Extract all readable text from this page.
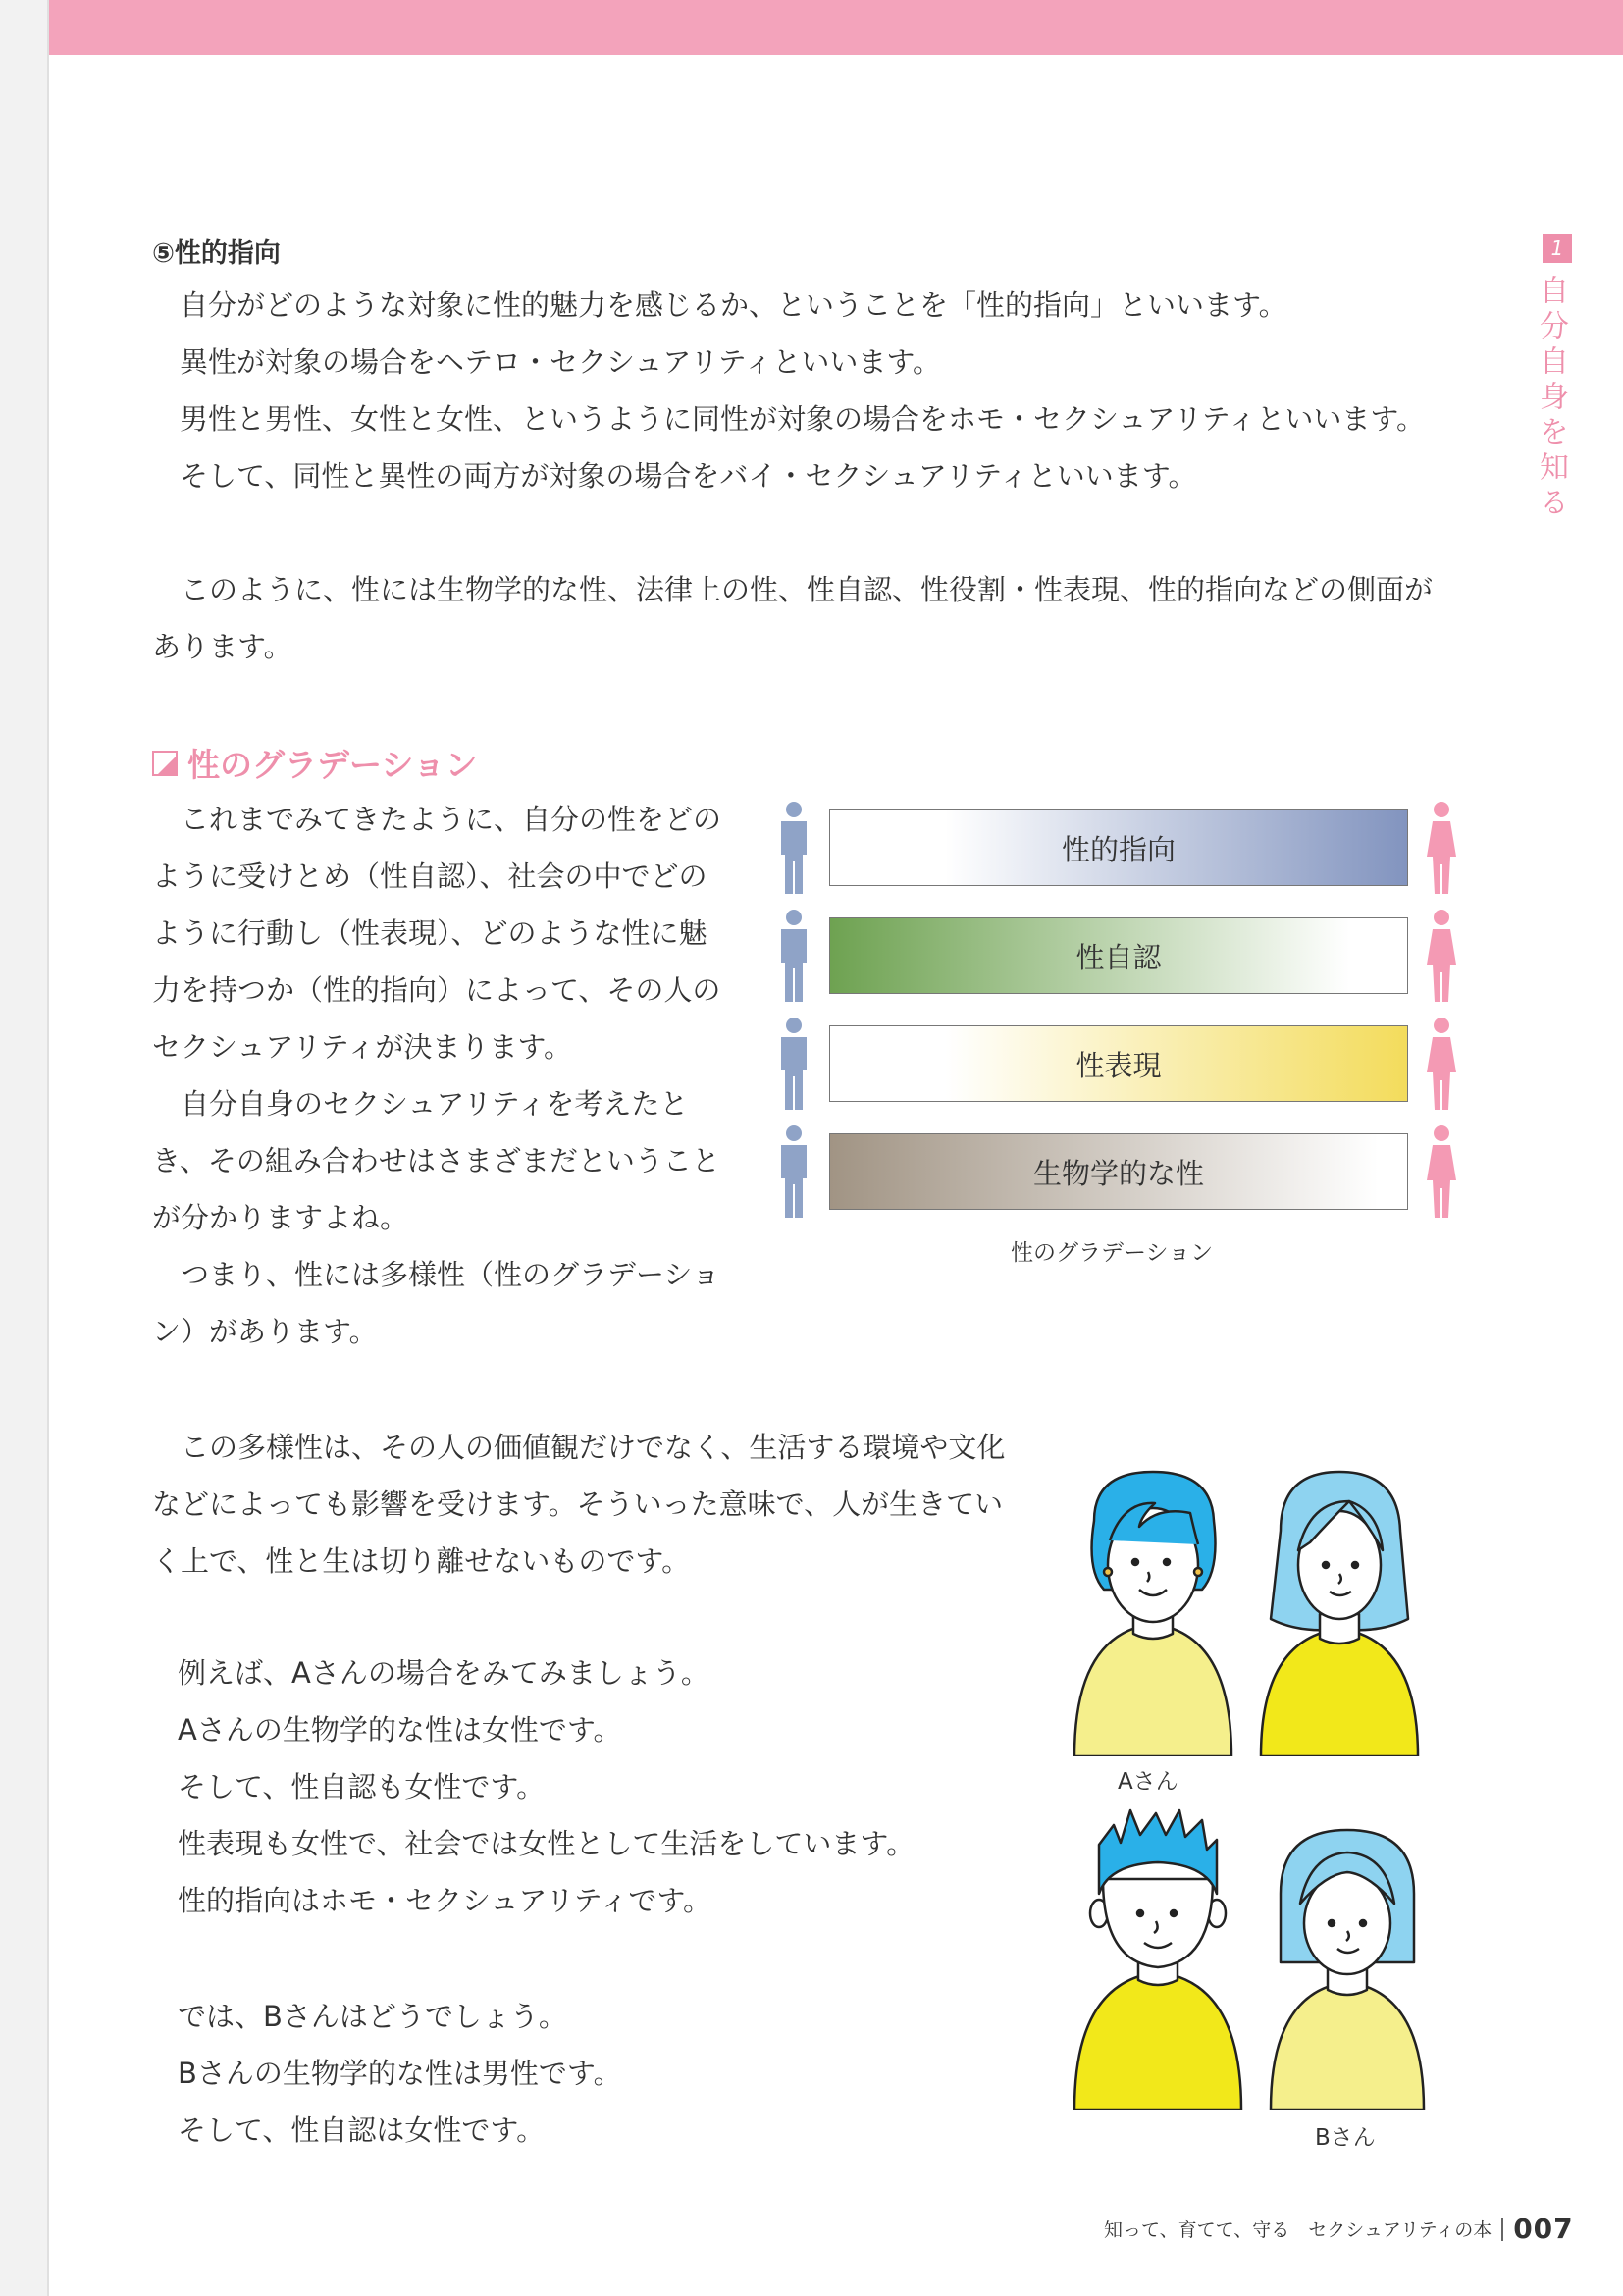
1
自分自身を知る
⑤性的指向

自分がどのような対象に性的魅力を感じるか、ということを「性的指向」といいます。

異性が対象の場合をヘテロ・セクシュアリティといいます。

男性と男性、女性と女性、というように同性が対象の場合をホモ・セクシュアリティといいます。

そして、同性と異性の両方が対象の場合をバイ・セクシュアリティといいます。

　このように、性には生物学的な性、法律上の性、性自認、性役割・性表現、性的指向などの側面が

あります。

性のグラデーション

　これまでみてきたように、自分の性をどの

ように受けとめ（性自認）、社会の中でどの

ように行動し（性表現）、どのような性に魅

力を持つか（性的指向）によって、その人の

セクシュアリティが決まります。

　自分自身のセクシュアリティを考えたと

き、その組み合わせはさまざまだということ

が分かりますよね。

　つまり、性には多様性（性のグラデーショ

ン）があります。

性的指向
性自認
性表現
生物学的な性
性のグラデーション

　この多様性は、その人の価値観だけでなく、生活する環境や文化

などによっても影響を受けます。そういった意味で、人が生きてい

く上で、性と生は切り離せないものです。

例えば、Aさんの場合をみてみましょう。

Aさんの生物学的な性は女性です。

そして、性自認も女性です。

性表現も女性で、社会では女性として生活をしています。

性的指向はホモ・セクシュアリティです。

では、Bさんはどうでしょう。

Bさんの生物学的な性は男性です。

そして、性自認は女性です。

Aさん
Bさん
知って、育てて、守る　セクシュアリティの本 007
